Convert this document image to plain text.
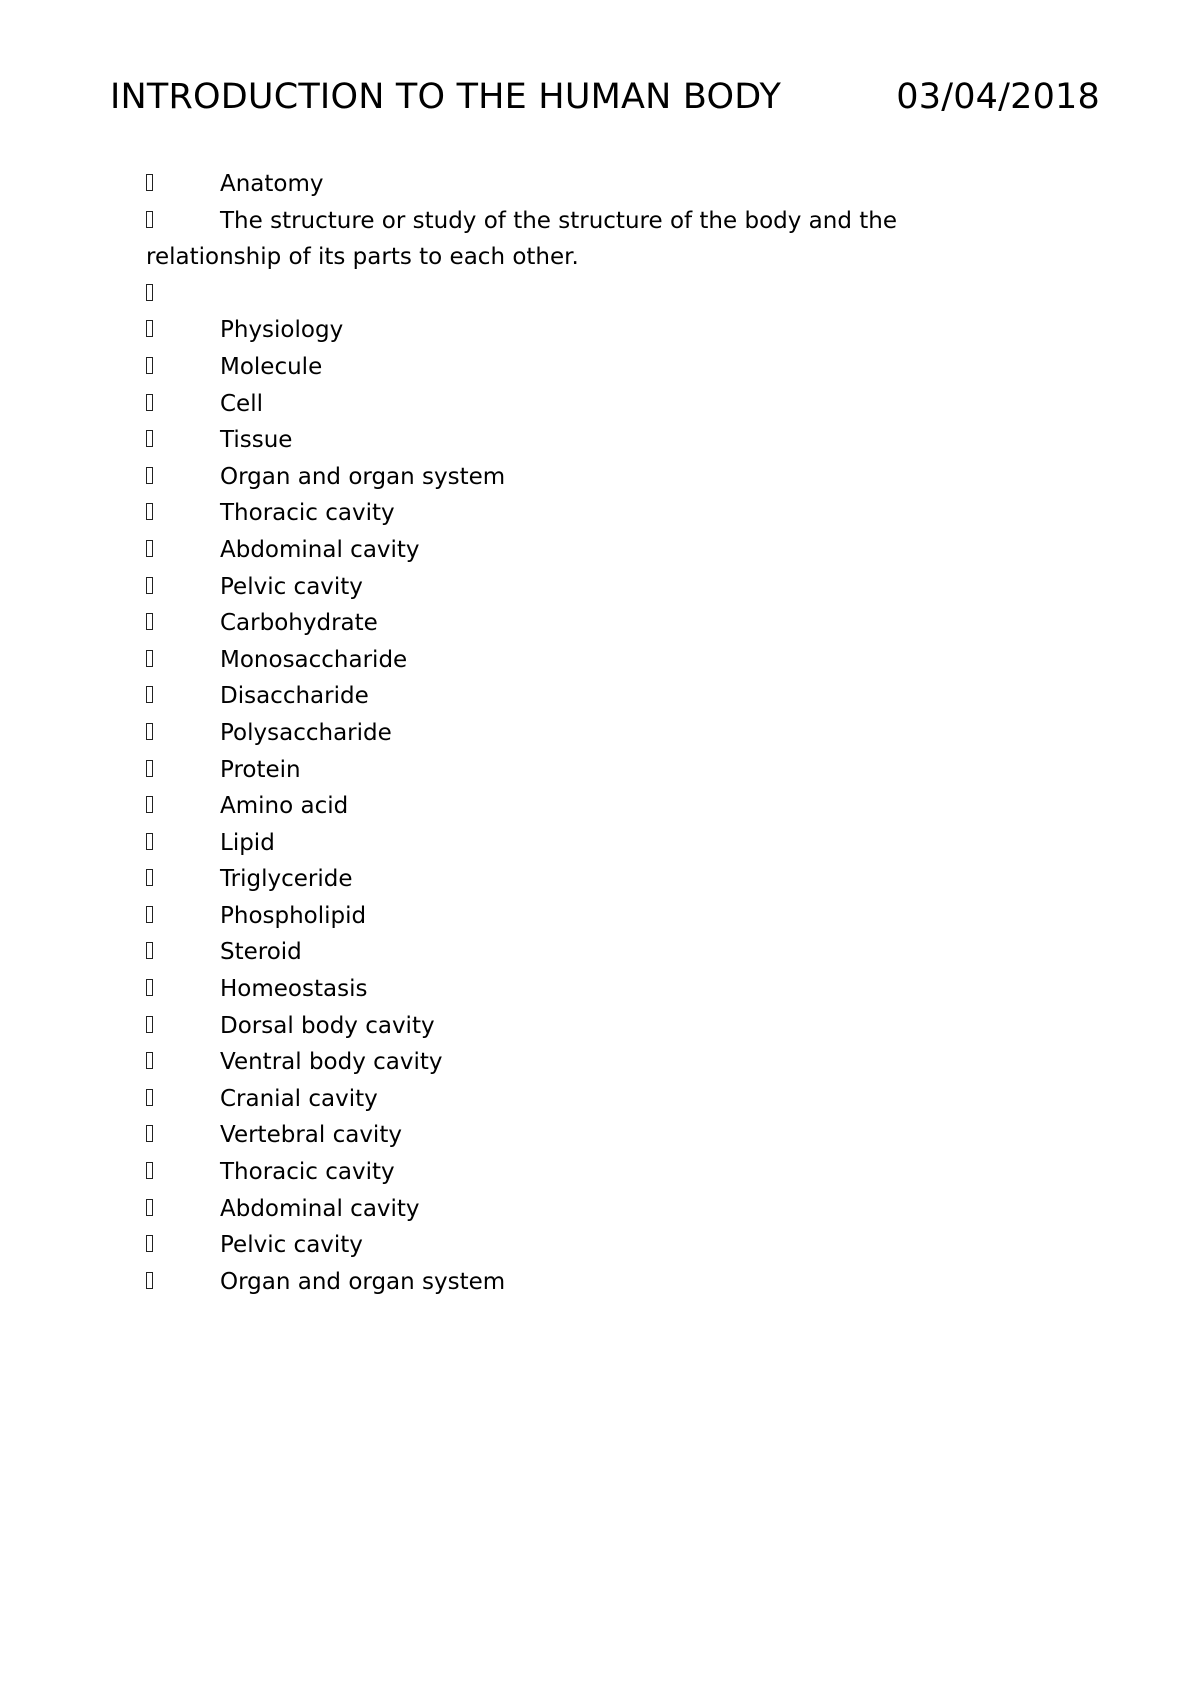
INTRODUCTION TO THE HUMAN BODY	03/04/2018
Anatomy
The structure or study of the structure of the body and the
relationship of its parts to each other.
Physiology
Molecule
Cell
Tissue
Organ and organ system
Thoracic cavity
Abdominal cavity
Pelvic cavity
Carbohydrate
Monosaccharide
Disaccharide
Polysaccharide
Protein
Amino acid
Lipid
Triglyceride
Phospholipid
Steroid
Homeostasis
Dorsal body cavity
Ventral body cavity
Cranial cavity
Vertebral cavity
Thoracic cavity
Abdominal cavity
Pelvic cavity
Organ and organ system
